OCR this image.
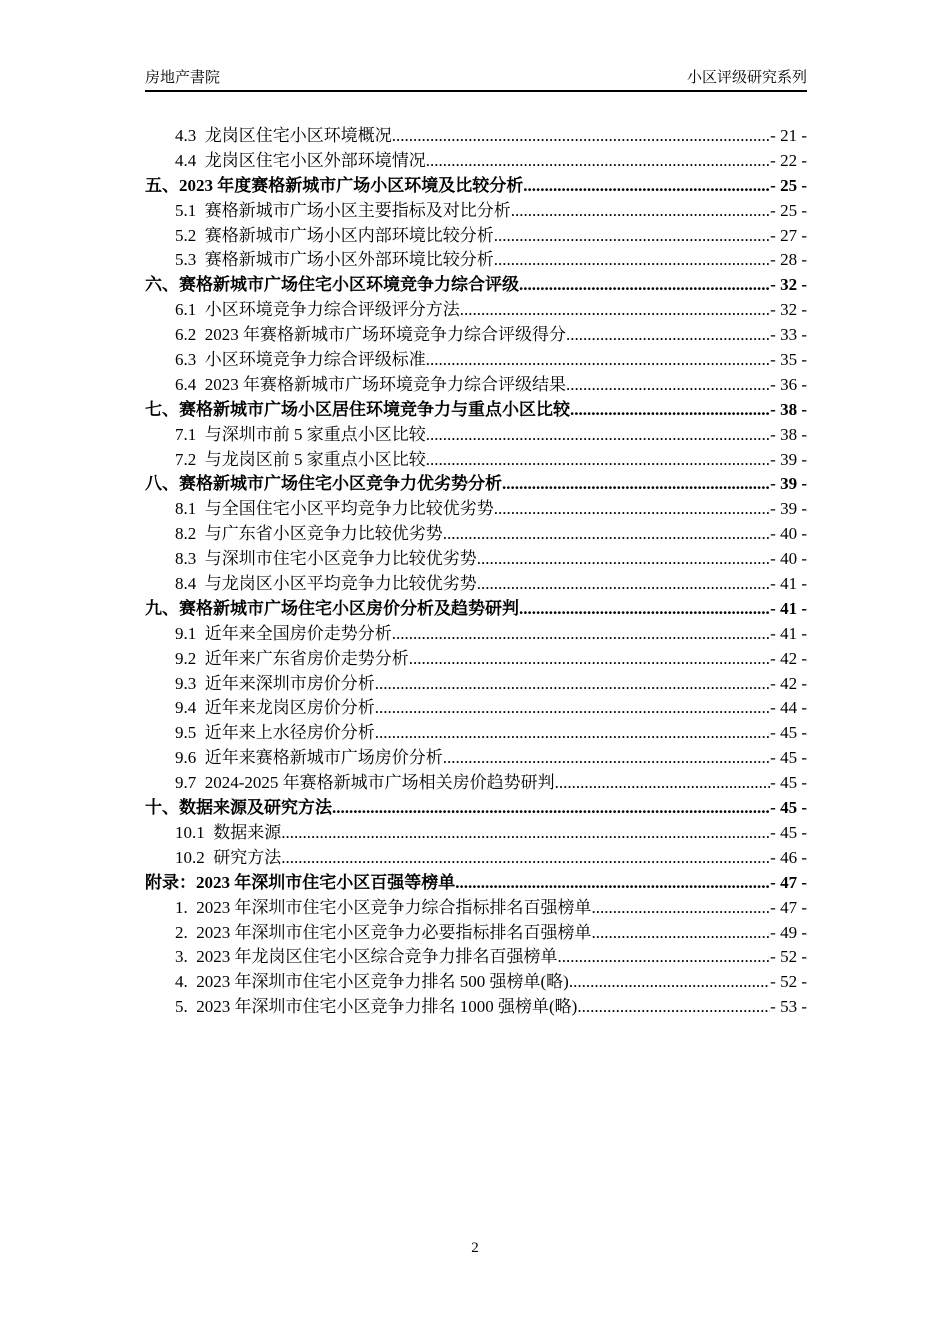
房地产書院	小区评级研究系列
4.3  龙岗区住宅小区环境概况 .....	- 21 -
4.4  龙岗区住宅小区外部环境情况 .....	- 22 -
五、2023 年度赛格新城市广场小区环境及比较分析 .....	- 25 -
5.1  赛格新城市广场小区主要指标及对比分析 .....	- 25 -
5.2  赛格新城市广场小区内部环境比较分析 .....	- 27 -
5.3  赛格新城市广场小区外部环境比较分析 .....	- 28 -
六、赛格新城市广场住宅小区环境竞争力综合评级 .....	- 32 -
6.1  小区环境竞争力综合评级评分方法 .....	- 32 -
6.2  2023 年赛格新城市广场环境竞争力综合评级得分 .....	- 33 -
6.3  小区环境竞争力综合评级标准 .....	- 35 -
6.4  2023 年赛格新城市广场环境竞争力综合评级结果 .....	- 36 -
七、赛格新城市广场小区居住环境竞争力与重点小区比较 .....	- 38 -
7.1  与深圳市前 5 家重点小区比较 .....	- 38 -
7.2  与龙岗区前 5 家重点小区比较 .....	- 39 -
八、赛格新城市广场住宅小区竞争力优劣势分析 .....	- 39 -
8.1  与全国住宅小区平均竞争力比较优劣势 .....	- 39 -
8.2  与广东省小区竞争力比较优劣势 .....	- 40 -
8.3  与深圳市住宅小区竞争力比较优劣势 .....	- 40 -
8.4  与龙岗区小区平均竞争力比较优劣势 .....	- 41 -
九、赛格新城市广场住宅小区房价分析及趋势研判 .....	- 41 -
9.1  近年来全国房价走势分析 .....	- 41 -
9.2  近年来广东省房价走势分析 .....	- 42 -
9.3  近年来深圳市房价分析 .....	- 42 -
9.4  近年来龙岗区房价分析 .....	- 44 -
9.5  近年来上水径房价分析 .....	- 45 -
9.6  近年来赛格新城市广场房价分析 .....	- 45 -
9.7  2024-2025 年赛格新城市广场相关房价趋势研判 .....	- 45 -
十、数据来源及研究方法 .....	- 45 -
10.1  数据来源 .....	- 45 -
10.2  研究方法 .....	- 46 -
附录：2023 年深圳市住宅小区百强等榜单 .....	- 47 -
1.  2023 年深圳市住宅小区竞争力综合指标排名百强榜单 .....	- 47 -
2.  2023 年深圳市住宅小区竞争力必要指标排名百强榜单 .....	- 49 -
3.  2023 年龙岗区住宅小区综合竞争力排名百强榜单 .....	- 52 -
4.  2023 年深圳市住宅小区竞争力排名 500 强榜单(略) .....	- 52 -
5.  2023 年深圳市住宅小区竞争力排名 1000 强榜单(略) .....	- 53 -
2
